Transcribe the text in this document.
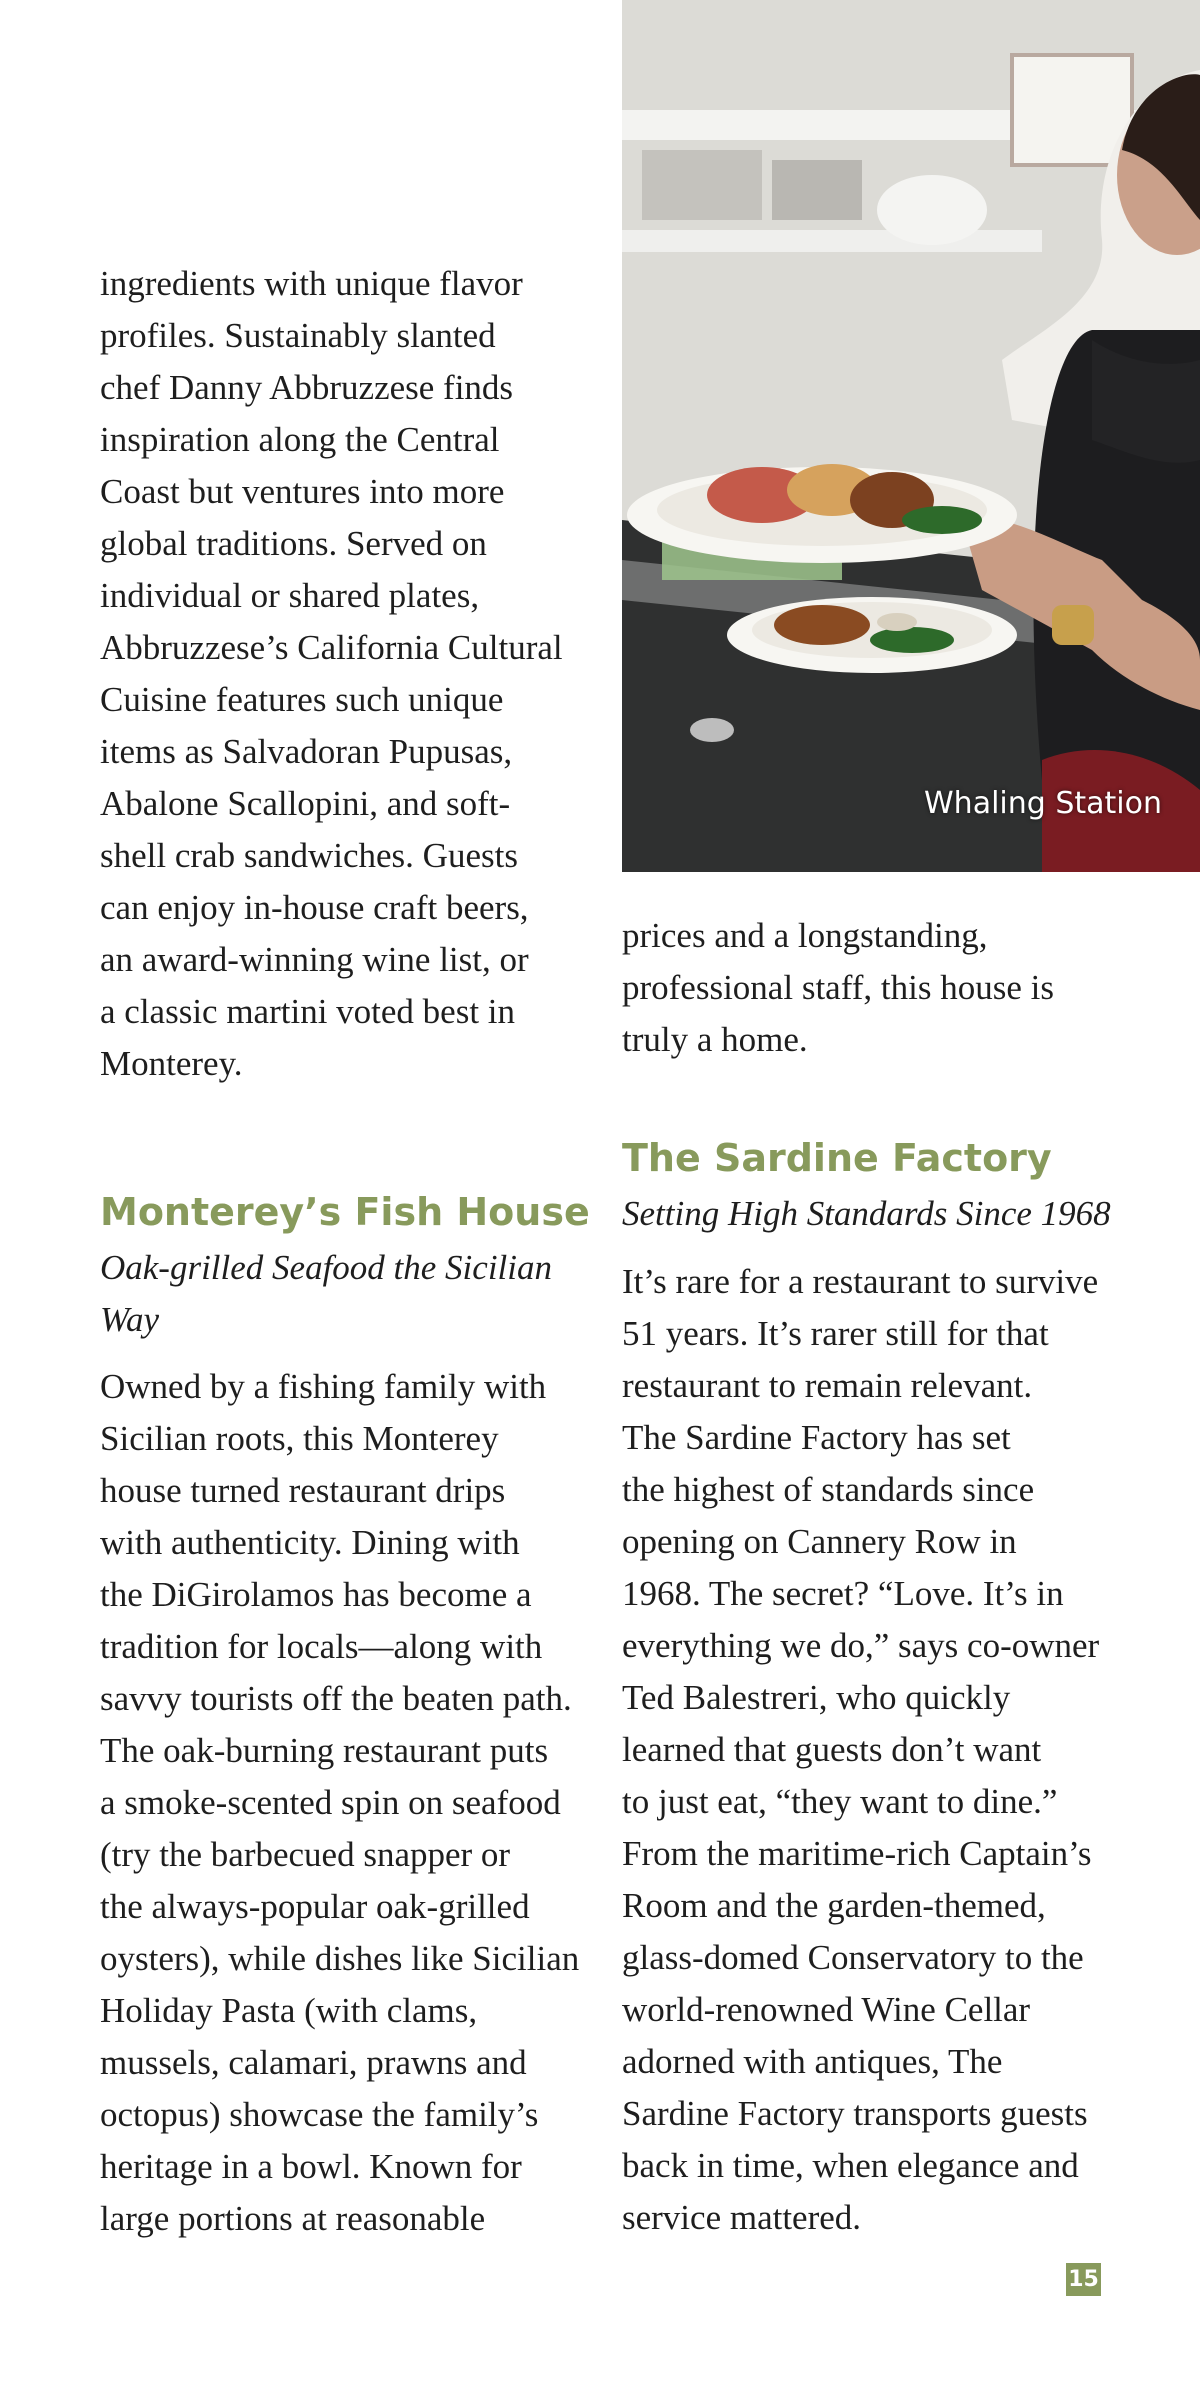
ingredients with unique flavor
profiles. Sustainably slanted
chef Danny Abbruzzese finds
inspiration along the Central
Coast but ventures into more
global traditions. Served on
individual or shared plates,
Abbruzzese’s California Cultural
Cuisine features such unique
items as Salvadoran Pupusas,
Abalone Scallopini, and soft-
shell crab sandwiches. Guests
can enjoy in-house craft beers,
an award-winning wine list, or
a classic martini voted best in
Monterey.
Monterey’s Fish House
Oak-grilled Seafood the Sicilian
Way
Owned by a fishing family with
Sicilian roots, this Monterey
house turned restaurant drips
with authenticity. Dining with
the DiGirolamos has become a
tradition for locals—along with
savvy tourists off the beaten path.
The oak-burning restaurant puts
a smoke-scented spin on seafood
(try the barbecued snapper or
the always-popular oak-grilled
oysters), while dishes like Sicilian
Holiday Pasta (with clams,
mussels, calamari, prawns and
octopus) showcase the family’s
heritage in a bowl. Known for
large portions at reasonable
Whaling Station
prices and a longstanding,
professional staff, this house is
truly a home.
The Sardine Factory
Setting High Standards Since 1968
It’s rare for a restaurant to survive
51 years. It’s rarer still for that
restaurant to remain relevant.
The Sardine Factory has set
the highest of standards since
opening on Cannery Row in
1968. The secret? “Love. It’s in
everything we do,” says co-owner
Ted Balestreri, who quickly
learned that guests don’t want
to just eat, “they want to dine.”
From the maritime-rich Captain’s
Room and the garden-themed,
glass-domed Conservatory to the
world-renowned Wine Cellar
adorned with antiques, The
Sardine Factory transports guests
back in time, when elegance and
service mattered.
15
